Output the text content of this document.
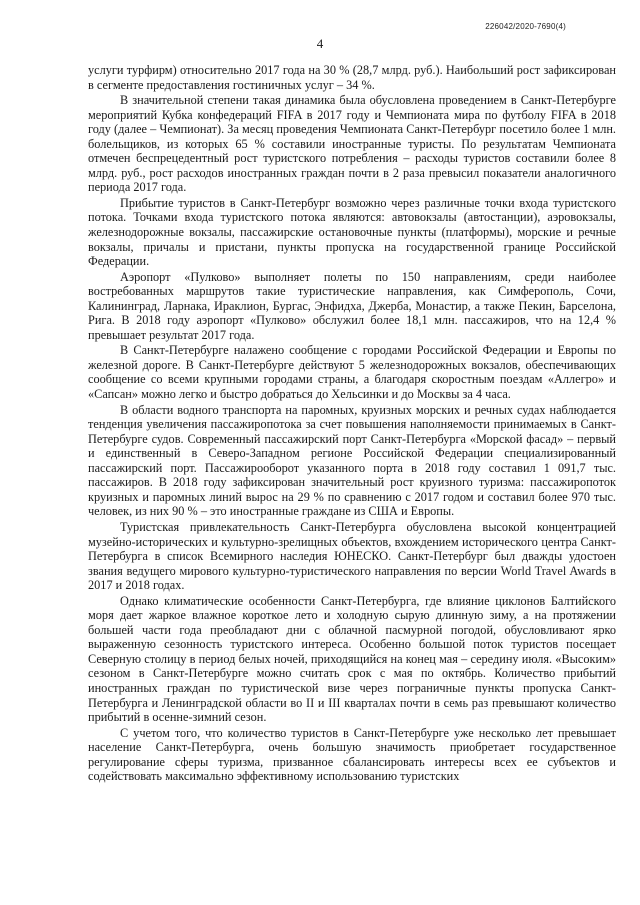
226042/2020-7690(4)
4

услуги турфирм) относительно 2017 года на 30 % (28,7 млрд. руб.). Наибольший рост зафиксирован в сегменте предоставления гостиничных услуг – 34 %.

В значительной степени такая динамика была обусловлена проведением в Санкт-Петербурге мероприятий Кубка конфедераций FIFA в 2017 году и Чемпионата мира по футболу FIFA в 2018 году (далее – Чемпионат). За месяц проведения Чемпионата Санкт-Петербург посетило более 1 млн. болельщиков, из которых 65 % составили иностранные туристы. По результатам Чемпионата отмечен беспрецедентный рост туристского потребления – расходы туристов составили более 8 млрд. руб., рост расходов иностранных граждан почти в 2 раза превысил показатели аналогичного периода 2017 года.

Прибытие туристов в Санкт-Петербург возможно через различные точки входа туристского потока. Точками входа туристского потока являются: автовокзалы (автостанции), аэровокзалы, железнодорожные вокзалы, пассажирские остановочные пункты (платформы), морские и речные вокзалы, причалы и пристани, пункты пропуска на государственной границе Российской Федерации.

Аэропорт «Пулково» выполняет полеты по 150 направлениям, среди наиболее востребованных маршрутов такие туристические направления, как Симферополь, Сочи, Калининград, Ларнака, Ираклион, Бургас, Энфидха, Джерба, Монастир, а также Пекин, Барселона, Рига. В 2018 году аэропорт «Пулково» обслужил более 18,1 млн. пассажиров, что на 12,4 % превышает результат 2017 года.

В Санкт-Петербурге налажено сообщение с городами Российской Федерации и Европы по железной дороге. В Санкт-Петербурге действуют 5 железнодорожных вокзалов, обеспечивающих сообщение со всеми крупными городами страны, а благодаря скоростным поездам «Аллегро» и «Сапсан» можно легко и быстро добраться до Хельсинки и до Москвы за 4 часа.

В области водного транспорта на паромных, круизных морских и речных судах наблюдается тенденция увеличения пассажиропотока за счет повышения наполняемости принимаемых в Санкт-Петербурге судов. Современный пассажирский порт Санкт-Петербурга «Морской фасад» – первый и единственный в Северо-Западном регионе Российской Федерации специализированный пассажирский порт. Пассажирооборот указанного порта в 2018 году составил 1 091,7 тыс. пассажиров. В 2018 году зафиксирован значительный рост круизного туризма: пассажиропоток круизных и паромных линий вырос на 29 % по сравнению с 2017 годом и составил более 970 тыс. человек, из них 90 % – это иностранные граждане из США и Европы.

Туристская привлекательность Санкт-Петербурга обусловлена высокой концентрацией музейно-исторических и культурно-зрелищных объектов, вхождением исторического центра Санкт-Петербурга в список Всемирного наследия ЮНЕСКО. Санкт-Петербург был дважды удостоен звания ведущего мирового культурно-туристического направления по версии World Travel Awards в 2017 и 2018 годах.

Однако климатические особенности Санкт-Петербурга, где влияние циклонов Балтийского моря дает жаркое влажное короткое лето и холодную сырую длинную зиму, а на протяжении большей части года преобладают дни с облачной пасмурной погодой, обусловливают ярко выраженную сезонность туристского интереса. Особенно большой поток туристов посещает Северную столицу в период белых ночей, приходящийся на конец мая – середину июля. «Высоким» сезоном в Санкт-Петербурге можно считать срок с мая по октябрь. Количество прибытий иностранных граждан по туристической визе через пограничные пункты пропуска Санкт-Петербурга и Ленинградской области во II и III кварталах почти в семь раз превышают количество прибытий в осенне-зимний сезон.

С учетом того, что количество туристов в Санкт-Петербурге уже несколько лет превышает население Санкт-Петербурга, очень большую значимость приобретает государственное регулирование сферы туризма, призванное сбалансировать интересы всех ее субъектов и содействовать максимально эффективному использованию туристских
